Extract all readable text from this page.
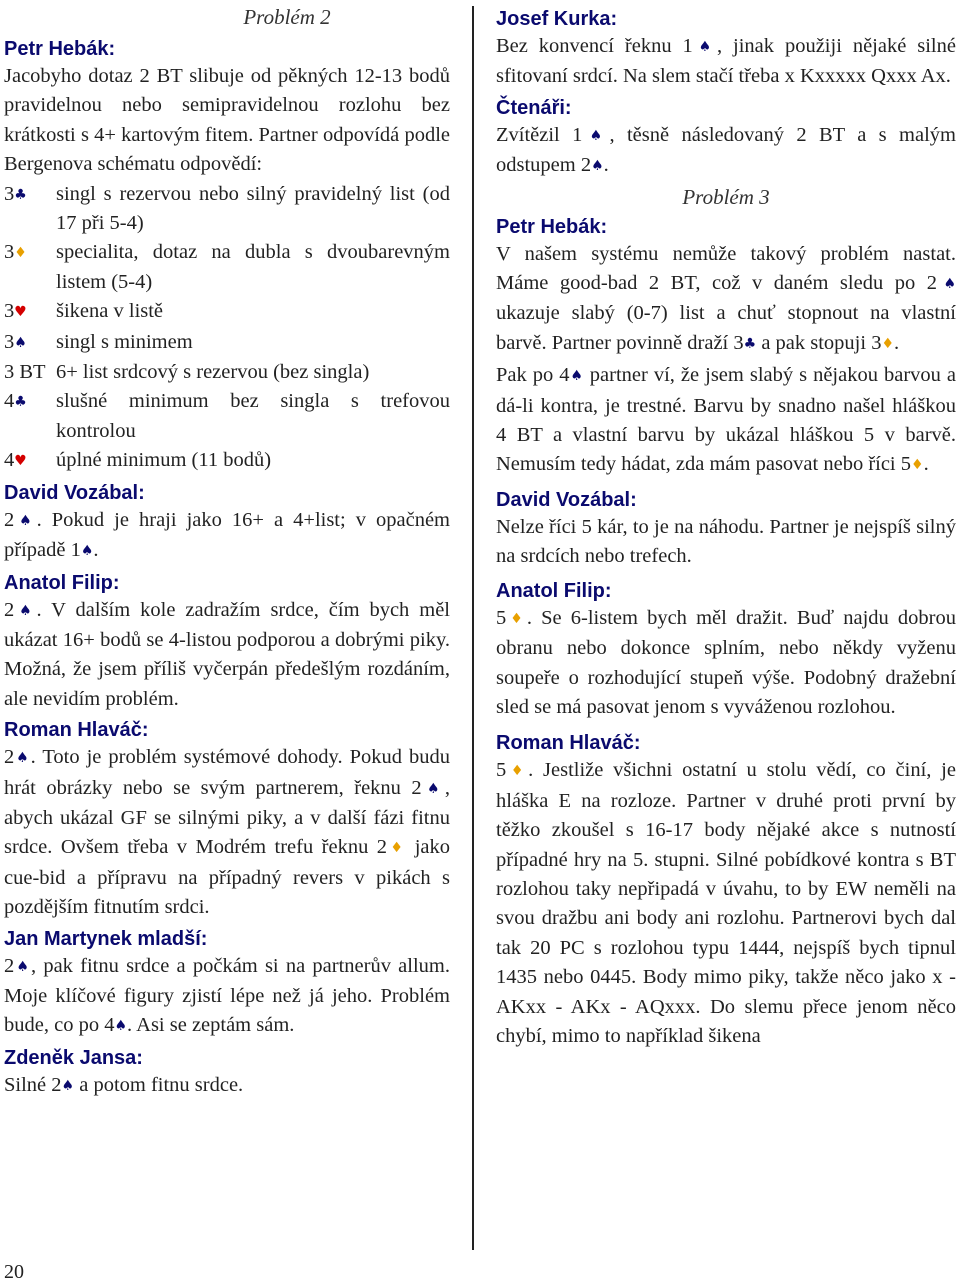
Problém 2
Petr Hebák:
Jacobyho dotaz 2 BT slibuje od pěkných 12-13 bodů pravidelnou nebo semipravidelnou rozlohu bez krátkosti s 4+ kartovým fitem. Partner odpovídá podle Bergenova schématu odpovědí:
3♣	singl s rezervou nebo silný pravidelný list (od 17 při 5-4)
3♦	specialita, dotaz na dubla s dvoubarevným listem (5-4)
3♥	šikena v listě
3♠	singl s minimem
3 BT 6+ list srdcový s rezervou (bez singla)
4♣	slušné minimum bez singla s trefovou kontrolou
4♥	úplné minimum (11 bodů)
David Vozábal:
2♠. Pokud je hraji jako 16+ a 4+list; v opačném případě 1♠.
Anatol Filip:
2♠. V dalším kole zadražím srdce, čím bych měl ukázat 16+ bodů se 4-listou podporou a dobrými piky. Možná, že jsem příliš vyčerpán předešlým rozdáním, ale nevidím problém.
Roman Hlaváč:
2♠. Toto je problém systémové dohody. Pokud budu hrát obrázky nebo se svým partnerem, řeknu 2♠, abych ukázal GF se silnými piky, a v další fázi fitnu srdce. Ovšem třeba v Modrém trefu řeknu 2♦ jako cue-bid a přípravu na případný revers v pikách s pozdějším fitnutím srdci.
Jan Martynek mladší:
2♠, pak fitnu srdce a počkám si na partnerův allum. Moje klíčové figury zjistí lépe než já jeho. Problém bude, co po 4♠. Asi se zeptám sám.
Zdeněk Jansa:
Silné 2♠ a potom fitnu srdce.
Josef Kurka:
Bez konvencí řeknu 1♠, jinak použiji nějaké silné sfitovaní srdcí. Na slem stačí třeba x Kxxxxx Qxxx Ax.
Čtenáři:
Zvítězil 1♠, těsně následovaný 2 BT a s malým odstupem 2♠.
Problém 3
Petr Hebák:
V našem systému nemůže takový problém nastat. Máme good-bad 2 BT, což v daném sledu po 2♠ ukazuje slabý (0-7) list a chuť stopnout na vlastní barvě. Partner povinně draží 3♣ a pak stopuji 3♦.
Pak po 4♠ partner ví, že jsem slabý s nějakou barvou a dá-li kontra, je trestné. Barvu by snadno našel hláškou 4 BT a vlastní barvu by ukázal hláškou 5 v barvě. Nemusím tedy hádat, zda mám pasovat nebo říci 5♦.
David Vozábal:
Nelze říci 5 kár, to je na náhodu. Partner je nejspíš silný na srdcích nebo trefech.
Anatol Filip:
5♦. Se 6-listem bych měl dražit. Buď najdu dobrou obranu nebo dokonce splním, nebo někdy vyženu soupeře o rozhodující stupeň výše. Podobný dražební sled se má pasovat jenom s vyváženou rozlohou.
Roman Hlaváč:
5♦. Jestliže všichni ostatní u stolu vědí, co činí, je hláška E na rozloze. Partner v druhé proti první by těžko zkoušel s 16-17 body nějaké akce s nutností případné hry na 5. stupni. Silné pobídkové kontra s BT rozlohou taky nepřipadá v úvahu, to by EW neměli na svou dražbu ani body ani rozlohu. Partnerovi bych dal tak 20 PC s rozlohou typu 1444, nejspíš bych tipnul 1435 nebo 0445. Body mimo piky, takže něco jako x - AKxx - AKx - AQxxx. Do slemu přece jenom něco chybí, mimo to například šikena
20
